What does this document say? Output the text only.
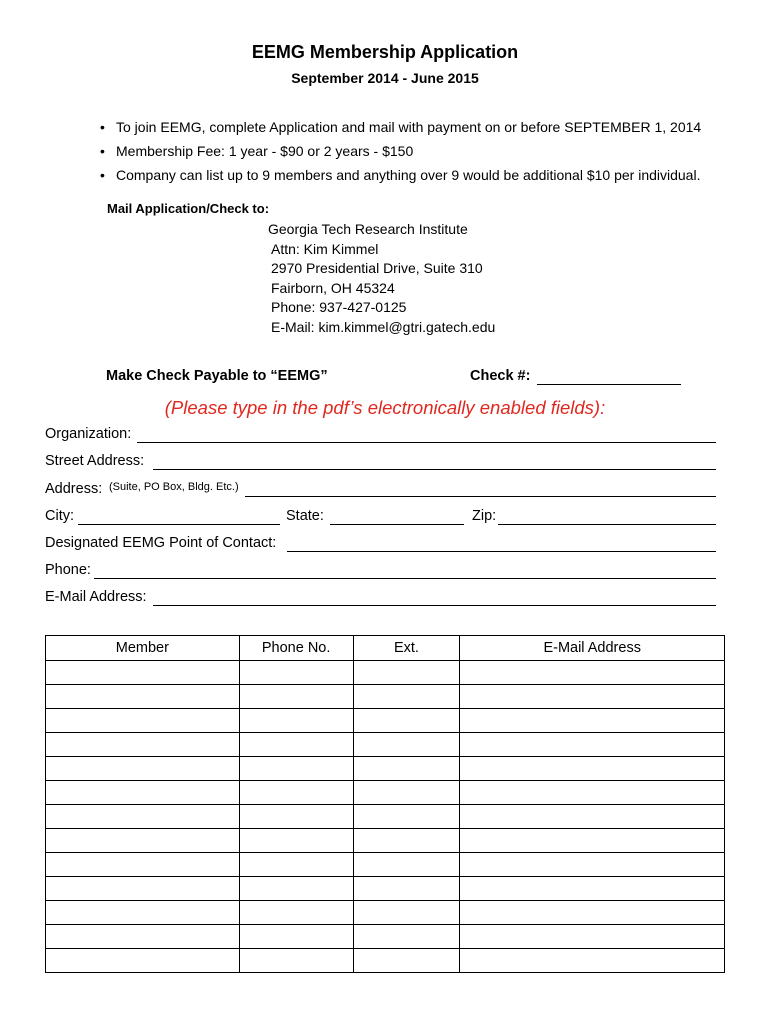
EEMG Membership Application
September 2014 - June 2015
• To join EEMG, complete Application and mail with payment on or before SEPTEMBER 1, 2014
• Membership Fee: 1 year - $90 or 2 years - $150
• Company can list up to 9 members and anything over 9 would be additional $10 per individual.
Mail Application/Check to:
Georgia Tech Research Institute
Attn: Kim Kimmel
2970 Presidential Drive, Suite 310
Fairborn, OH 45324
Phone: 937-427-0125
E-Mail: kim.kimmel@gtri.gatech.edu
Make Check Payable to “EEMG”	Check #:
(Please type in the pdf’s electronically enabled fields):
Organization:
Street Address:
Address: (Suite, PO Box, Bldg. Etc.)
City:	State:	Zip:
Designated EEMG Point of Contact:
Phone:
E-Mail Address:
Member	Phone No.	Ext.	E-Mail Address
